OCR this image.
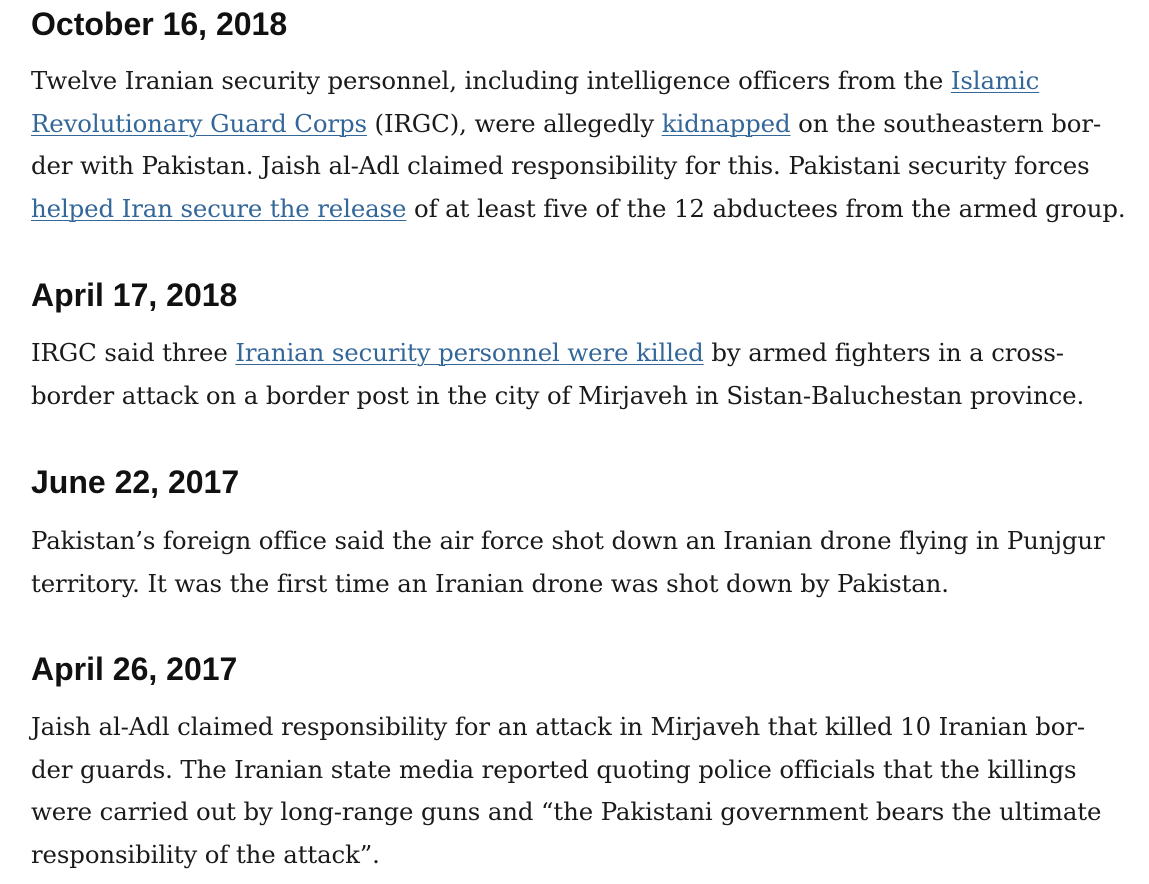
October 16, 2018

Twelve Iranian security personnel, including intelligence officers from the Islamic
Revolutionary Guard Corps (IRGC), were allegedly kidnapped on the southeastern bor-
der with Pakistan. Jaish al-Adl claimed responsibility for this. Pakistani security forces
helped Iran secure the release of at least five of the 12 abductees from the armed group.

April 17, 2018

IRGC said three Iranian security personnel were killed by armed fighters in a cross-
border attack on a border post in the city of Mirjaveh in Sistan-Baluchestan province.

June 22, 2017

Pakistan’s foreign office said the air force shot down an Iranian drone flying in Punjgur
territory. It was the first time an Iranian drone was shot down by Pakistan.

April 26, 2017

Jaish al-Adl claimed responsibility for an attack in Mirjaveh that killed 10 Iranian bor-
der guards. The Iranian state media reported quoting police officials that the killings
were carried out by long-range guns and “the Pakistani government bears the ultimate
responsibility of the attack”.
